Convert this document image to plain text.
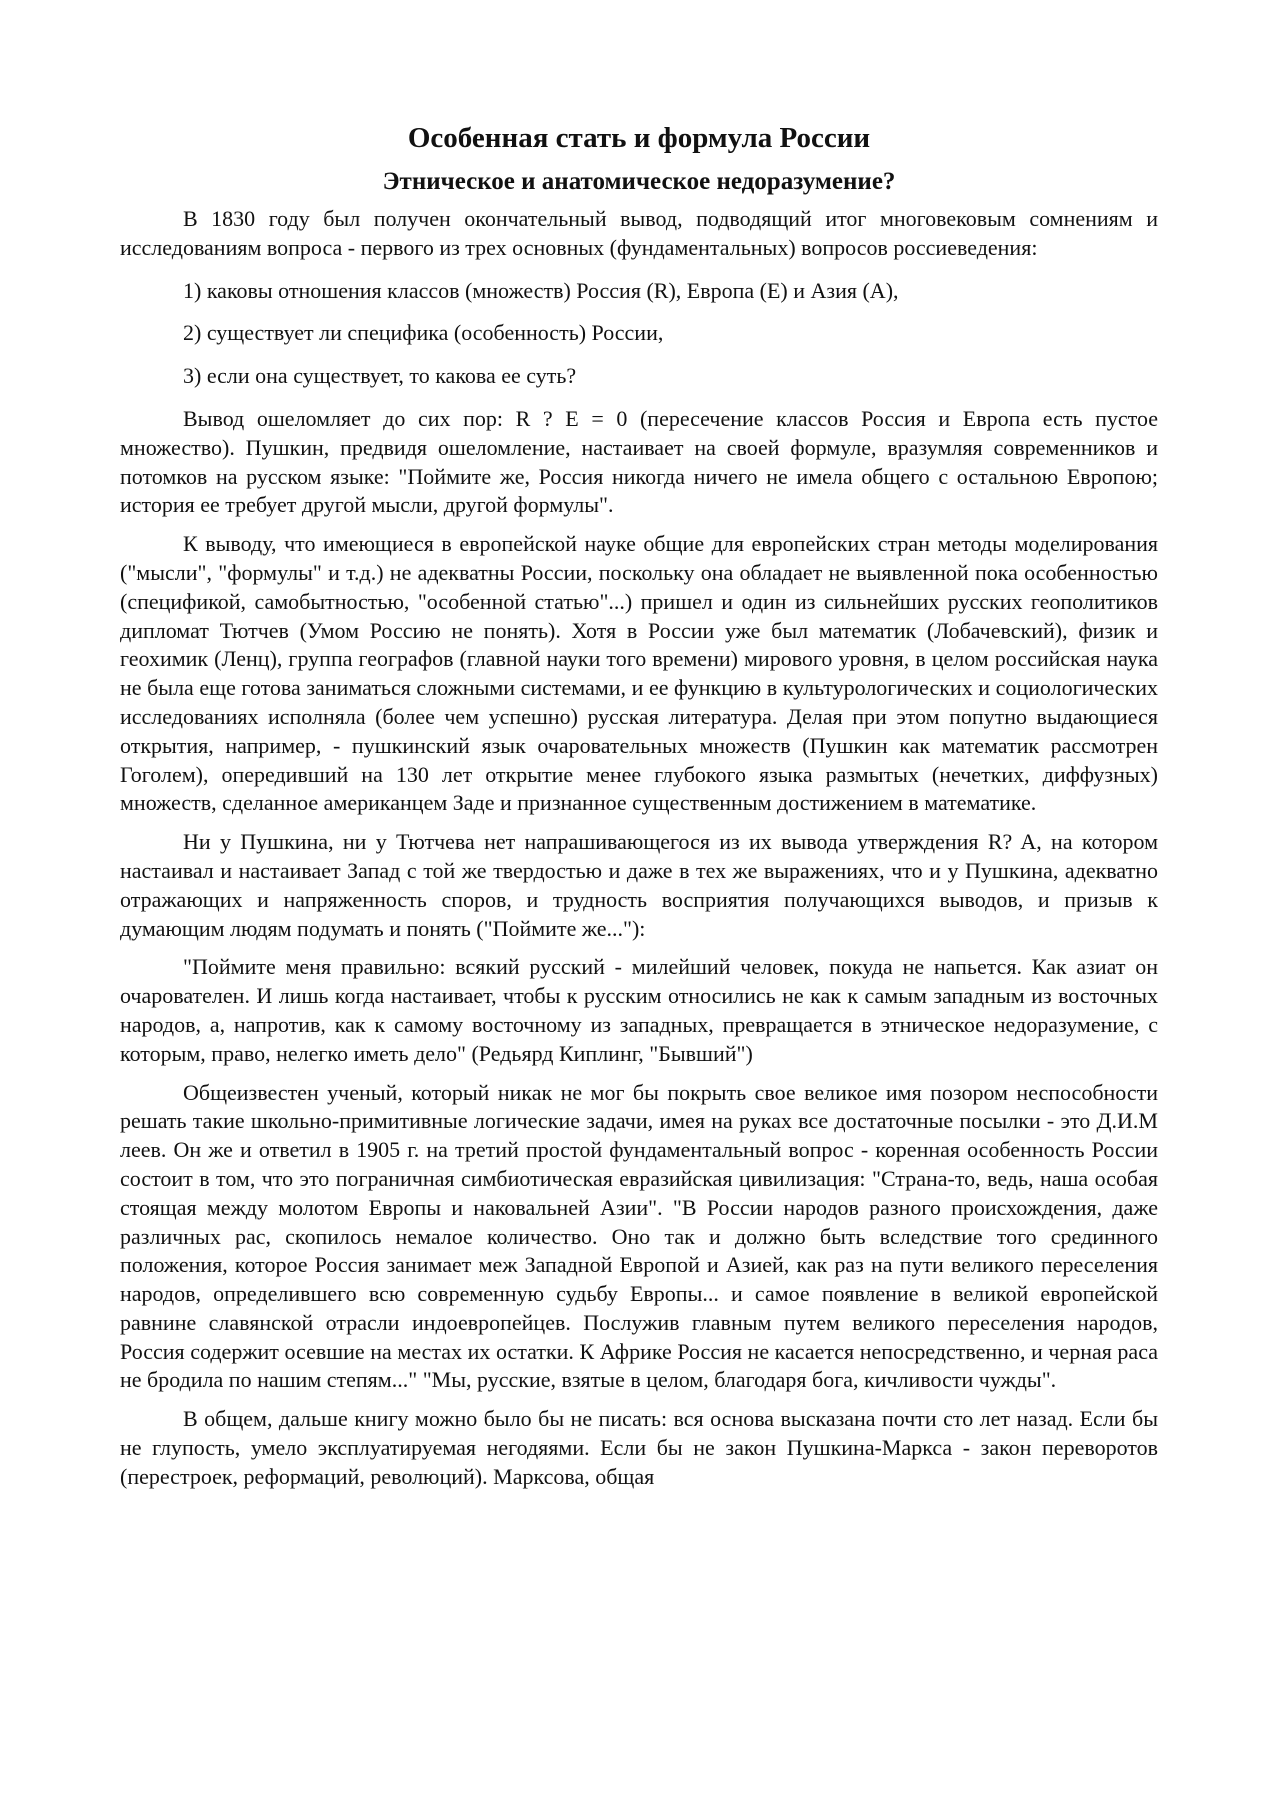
Особенная стать и формула России
Этническое и анатомическое недоразумение?

В 1830 году был получен окончательный вывод, подводящий итог многовековым сомнениям и исследованиям вопроса - первого из трех основных (фундаментальных) вопросов россиеведения:

1) каковы отношения классов (множеств) Россия (R), Европа (Е) и Азия (А),

2) существует ли специфика (особенность) России,

3) если она существует, то какова ее суть?

Вывод ошеломляет до сих пор: R ? E = 0 (пересечение классов Россия и Европа есть пустое множество). Пушкин, предвидя ошеломление, настаивает на своей формуле, вразумляя современников и потомков на русском языке: "Поймите же, Россия никогда ничего не имела общего с остальною Европою; история ее требует другой мысли, другой формулы".

К выводу, что имеющиеся в европейской науке общие для европейских стран методы моделирования ("мысли", "формулы" и т.д.) не адекватны России, поскольку она обладает не выявленной пока особенностью (спецификой, самобытностью, "особенной статью"...) пришел и один из сильнейших русских геополитиков дипломат Тютчев (Умом Россию не понять). Хотя в России уже был математик (Лобачевский), физик и геохимик (Ленц), группа географов (главной науки того времени) мирового уровня, в целом российская наука не была еще готова заниматься сложными системами, и ее функцию в культурологических и социологических исследованиях исполняла (более чем успешно) русская литература. Делая при этом попутно выдающиеся открытия, например, - пушкинский язык очаровательных множеств (Пушкин как математик рассмотрен Гоголем), опередивший на 130 лет открытие менее глубокого языка размытых (нечетких, диффузных) множеств, сделанное американцем Заде и признанное существенным достижением в математике.

Ни у Пушкина, ни у Тютчева нет напрашивающегося из их вывода утверждения R? A, на котором настаивал и настаивает Запад с той же твердостью и даже в тех же выражениях, что и у Пушкина, адекватно отражающих и напряженность споров, и трудность восприятия получающихся выводов, и призыв к думающим людям подумать и понять ("Поймите же..."):

"Поймите меня правильно: всякий русский - милейший человек, покуда не напьется. Как азиат он очарователен. И лишь когда настаивает, чтобы к русским относились не как к самым западным из восточных народов, а, напротив, как к самому восточному из западных, превращается в этническое недоразумение, с которым, право, нелегко иметь дело" (Редьярд Киплинг, "Бывший")

Общеизвестен ученый, который никак не мог бы покрыть свое великое имя позором неспособности решать такие школьно-примитивные логические задачи, имея на руках все достаточные посылки - это Д.И.М леев. Он же и ответил в 1905 г. на третий простой фундаментальный вопрос - коренная особенность России состоит в том, что это пограничная симбиотическая евразийская цивилизация: "Страна-то, ведь, наша особая стоящая между молотом Европы и наковальней Азии". "В России народов разного происхождения, даже различных рас, скопилось немалое количество. Оно так и должно быть вследствие того срединного положения, которое Россия занимает меж Западной Европой и Азией, как раз на пути великого переселения народов, определившего всю современную судьбу Европы... и самое появление в великой европейской равнине славянской отрасли индоевропейцев. Послужив главным путем великого переселения народов, Россия содержит осевшие на местах их остатки. К Африке Россия не касается непосредственно, и черная раса не бродила по нашим степям..." "Мы, русские, взятые в целом, благодаря бога, кичливости чужды".

В общем, дальше книгу можно было бы не писать: вся основа высказана почти сто лет назад. Если бы не глупость, умело эксплуатируемая негодяями. Если бы не закон Пушкина-Маркса - закон переворотов (перестроек, реформаций, революций). Марксова, общая
